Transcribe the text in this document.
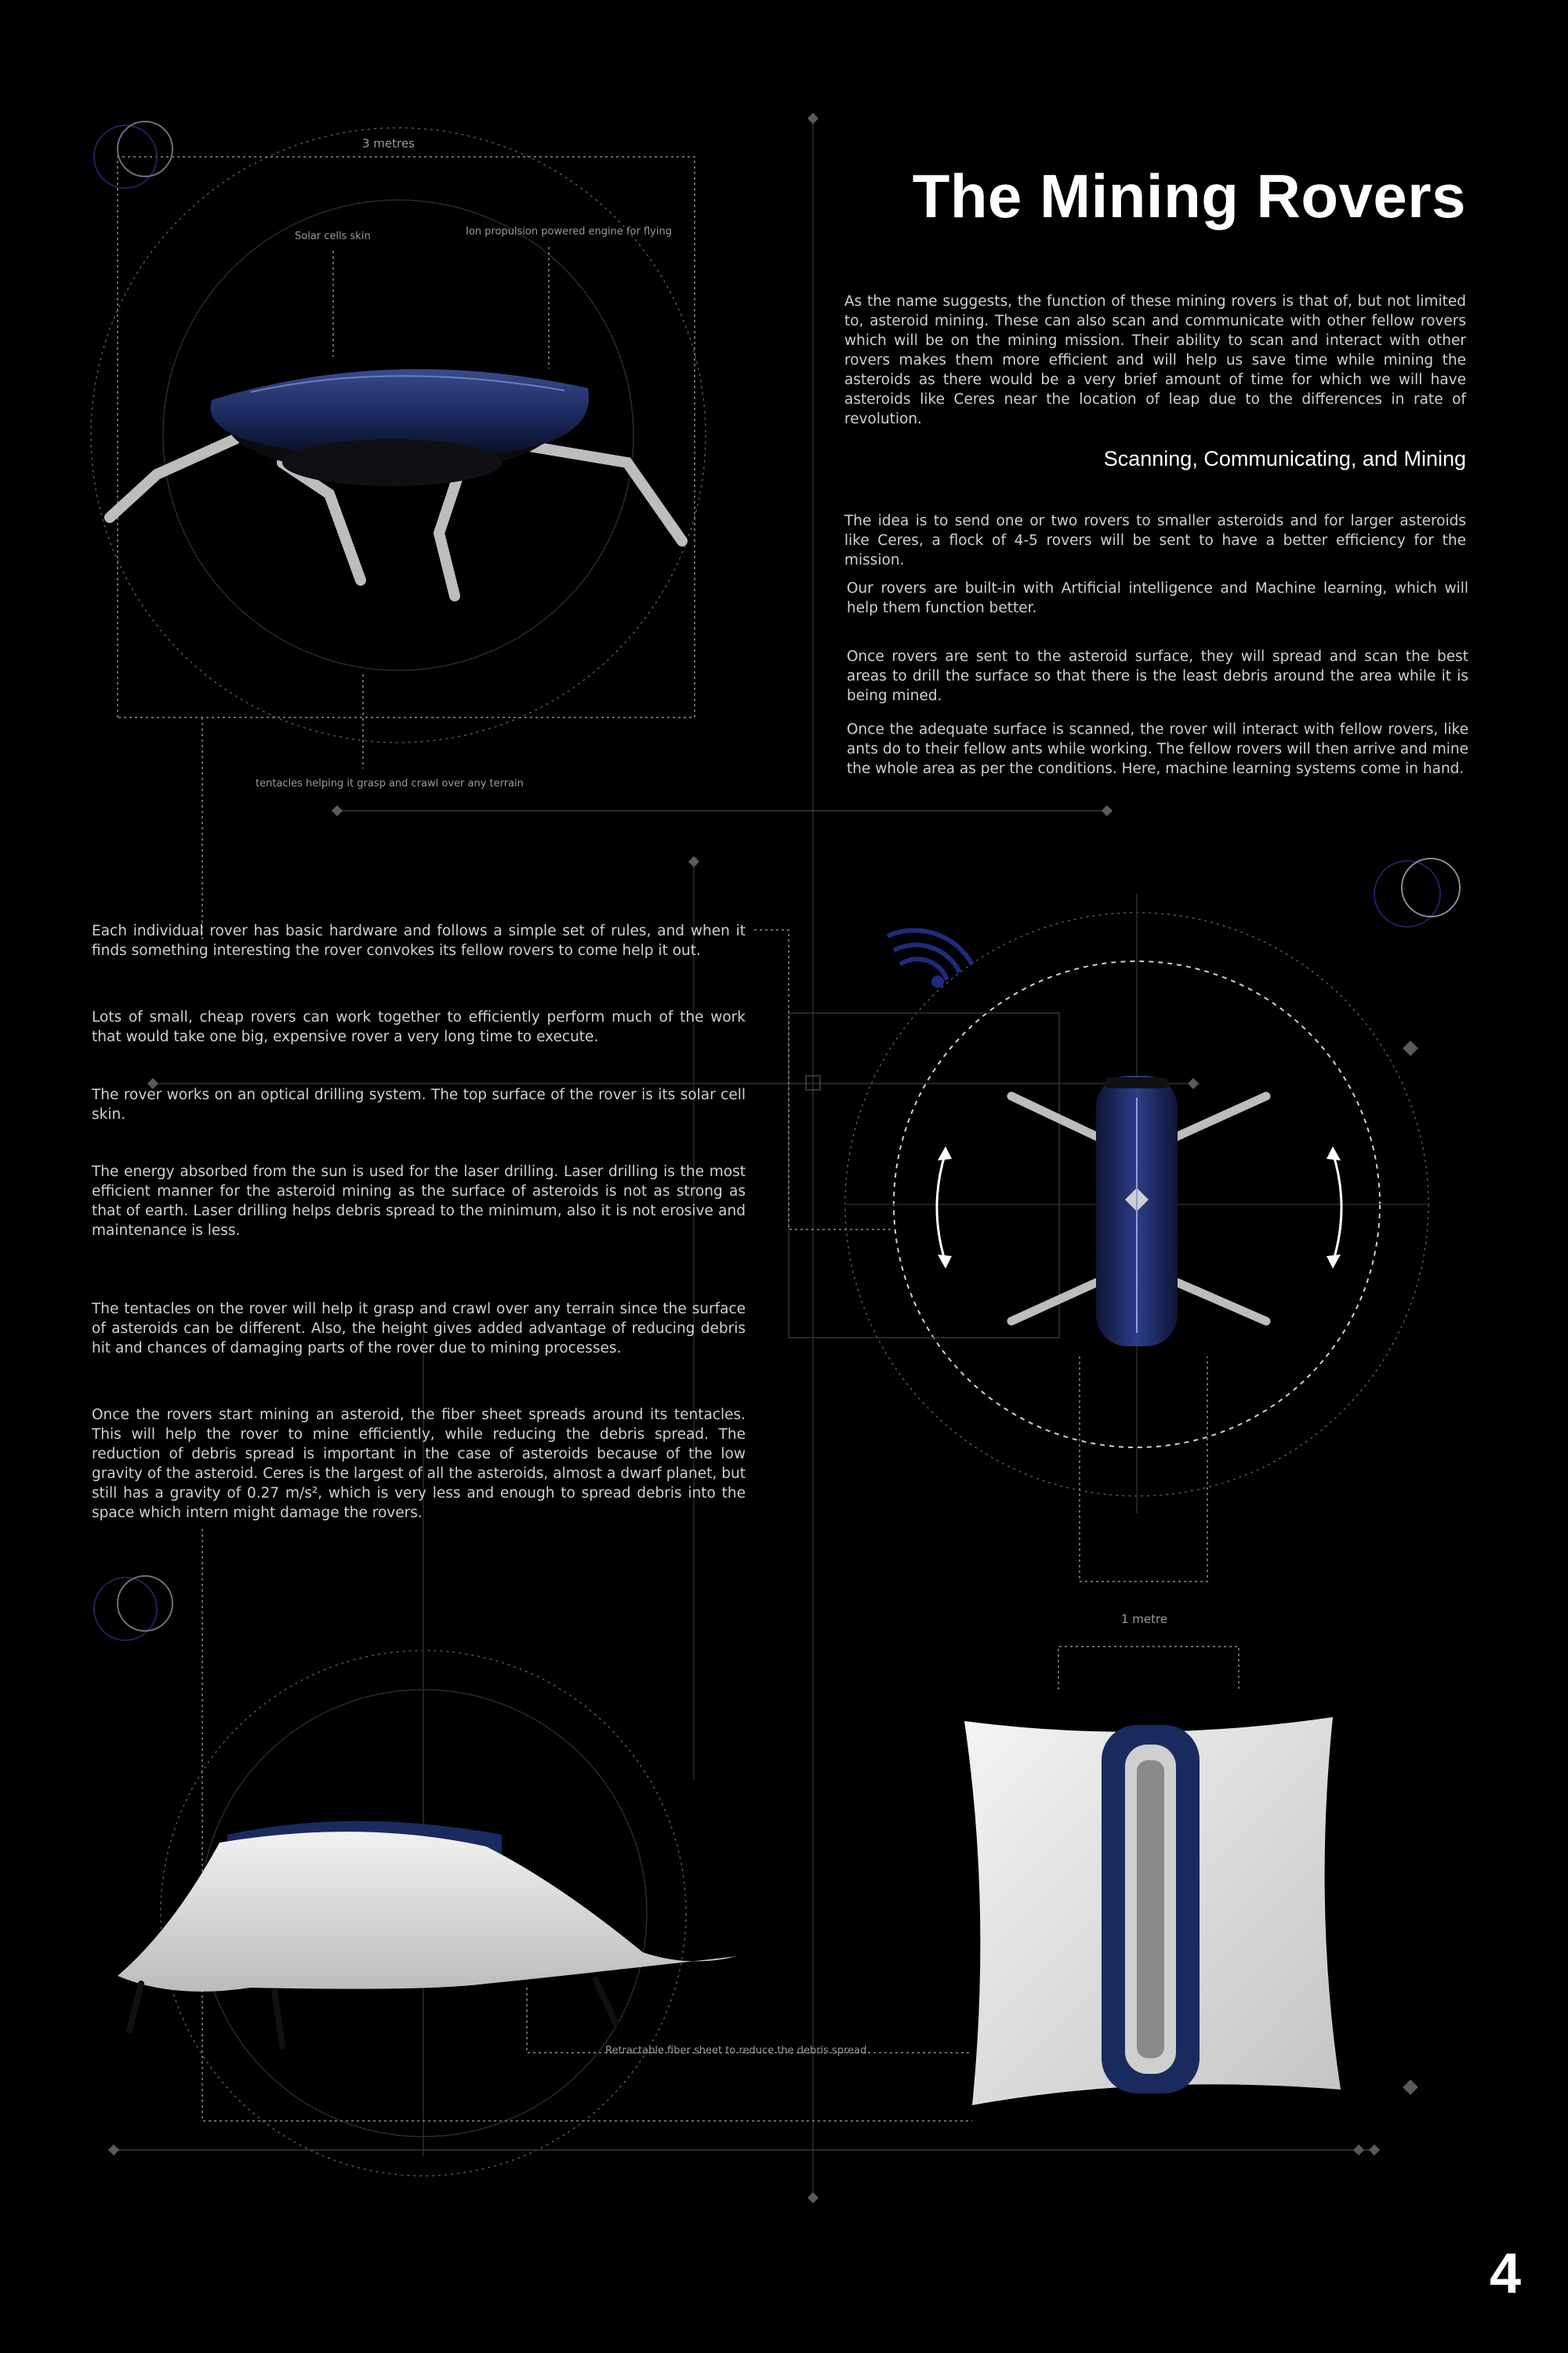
The Mining Rovers
Scanning, Communicating, and Mining

As the name suggests, the function of these mining rovers is that of, but not limited to, asteroid mining. These can also scan and communicate with other fellow rovers which will be on the mining mission. Their ability to scan and interact with other rovers makes them more efficient and will help us save time while mining the asteroids as there would be a very brief amount of time for which we will have asteroids like Ceres near the location of leap due to the differences in rate of revolution.

The idea is to send one or two rovers to smaller asteroids and for larger asteroids like Ceres, a flock of 4-5 rovers will be sent to have a better efficiency for the mission.

Our rovers are built-in with Artificial intelligence and Machine learning, which will help them function better.

Once rovers are sent to the asteroid surface, they will spread and scan the best areas to drill the surface so that there is the least debris around the area while it is being mined.

Once the adequate surface is scanned, the rover will interact with fellow rovers, like ants do to their fellow ants while working. The fellow rovers will then arrive and mine the whole area as per the conditions. Here, machine learning systems come in hand.

Each individual rover has basic hardware and follows a simple set of rules, and when it finds something interesting the rover convokes its fellow rovers to come help it out.

Lots of small, cheap rovers can work together to efficiently perform much of the work that would take one big, expensive rover a very long time to execute.

The rover works on an optical drilling system. The top surface of the rover is its solar cell skin.

The energy absorbed from the sun is used for the laser drilling. Laser drilling is the most efficient manner for the asteroid mining as the surface of asteroids is not as strong as that of earth. Laser drilling helps debris spread to the minimum, also it is not erosive and maintenance is less.

The tentacles on the rover will help it grasp and crawl over any terrain since the surface of asteroids can be different. Also, the height gives added advantage of reducing debris hit and chances of damaging parts of the rover due to mining processes.

Once the rovers start mining an asteroid, the fiber sheet spreads around its tentacles. This will help the rover to mine efficiently, while reducing the debris spread. The reduction of debris spread is important in the case of asteroids because of the low gravity of the asteroid. Ceres is the largest of all the asteroids, almost a dwarf planet, but still has a gravity of 0.27 m/s², which is very less and enough to spread debris into the space which intern might damage the rovers.

3 metres
Solar cells skin	Ion propulsion powered engine for flying
tentacles helping it grasp and crawl over any terrain
1 metre
Retractable fiber sheet to reduce the debris spread
4
